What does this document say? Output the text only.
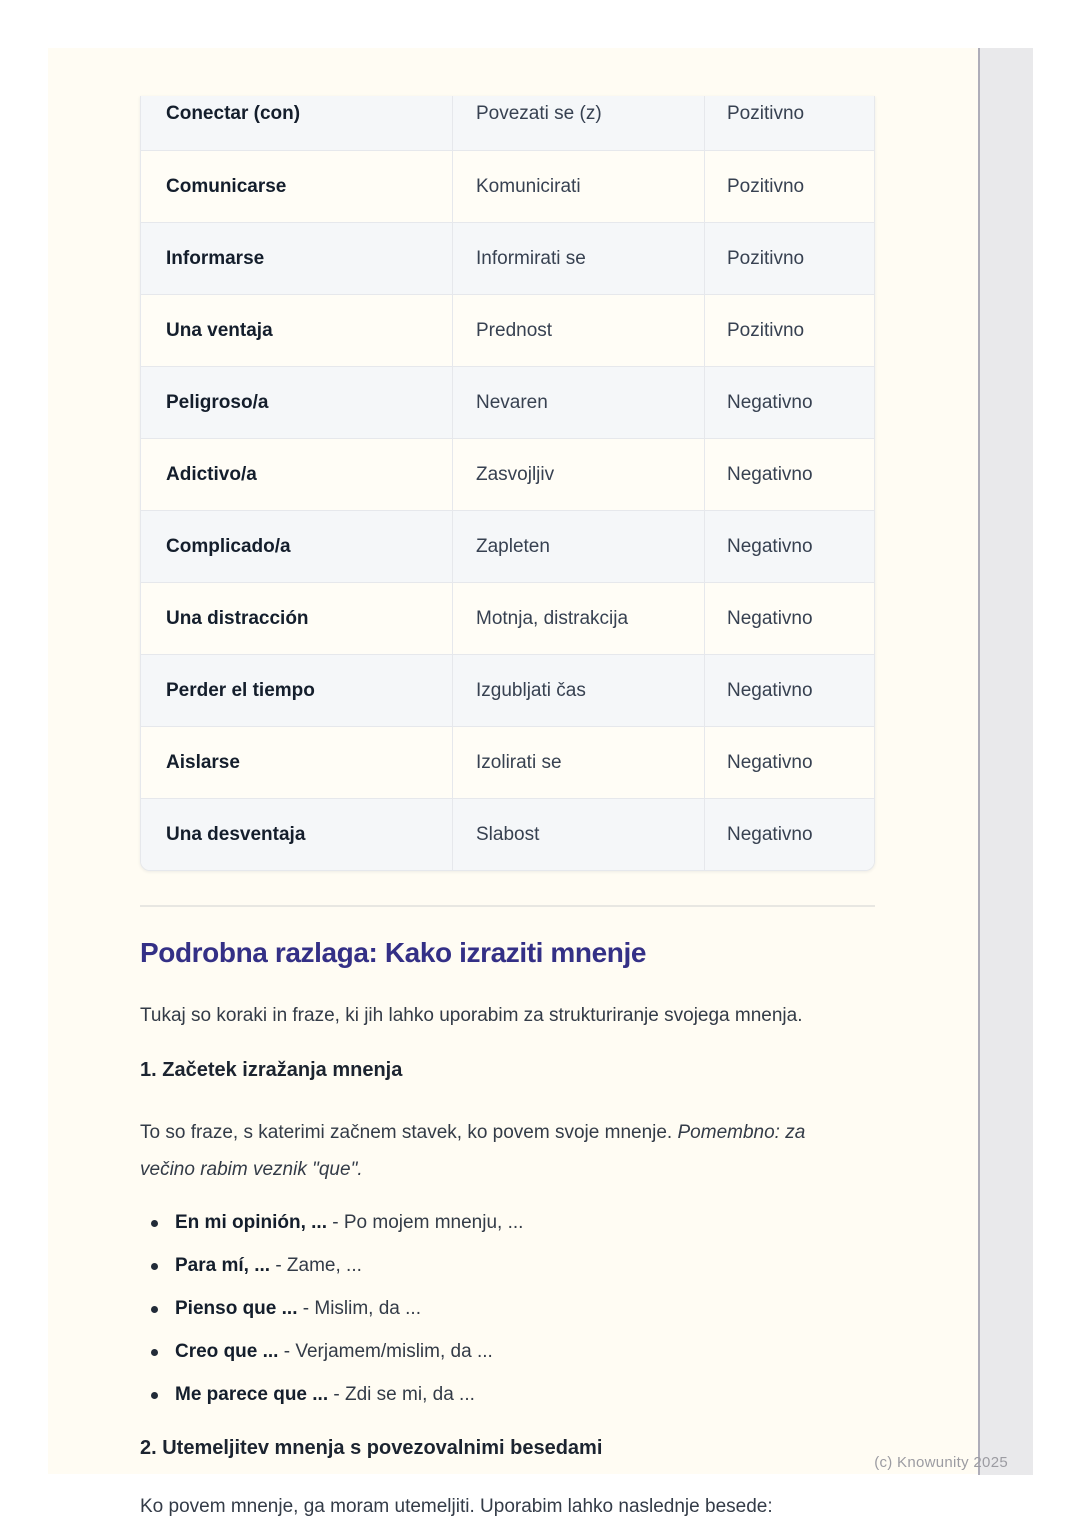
Conectar (con)	Povezati se (z)	Pozitivno
Comunicarse	Komunicirati	Pozitivno
Informarse	Informirati se	Pozitivno
Una ventaja	Prednost	Pozitivno
Peligroso/a	Nevaren	Negativno
Adictivo/a	Zasvojljiv	Negativno
Complicado/a	Zapleten	Negativno
Una distracción	Motnja, distrakcija	Negativno
Perder el tiempo	Izgubljati čas	Negativno
Aislarse	Izolirati se	Negativno
Una desventaja	Slabost	Negativno
Podrobna razlaga: Kako izraziti mnenje

Tukaj so koraki in fraze, ki jih lahko uporabim za strukturiranje svojega mnenja.

1. Začetek izražanja mnenja
To so fraze, s katerimi začnem stavek, ko povem svoje mnenje. Pomembno: za
večino rabim veznik "que".
En mi opinión, ... - Po mojem mnenju, ...
Para mí, ... - Zame, ...
Pienso que ... - Mislim, da ...
Creo que ... - Verjamem/mislim, da ...
Me parece que ... - Zdi se mi, da ...
2. Utemeljitev mnenja s povezovalnimi besedami

Ko povem mnenje, ga moram utemeljiti. Uporabim lahko naslednje besede:

(c) Knowunity 2025
